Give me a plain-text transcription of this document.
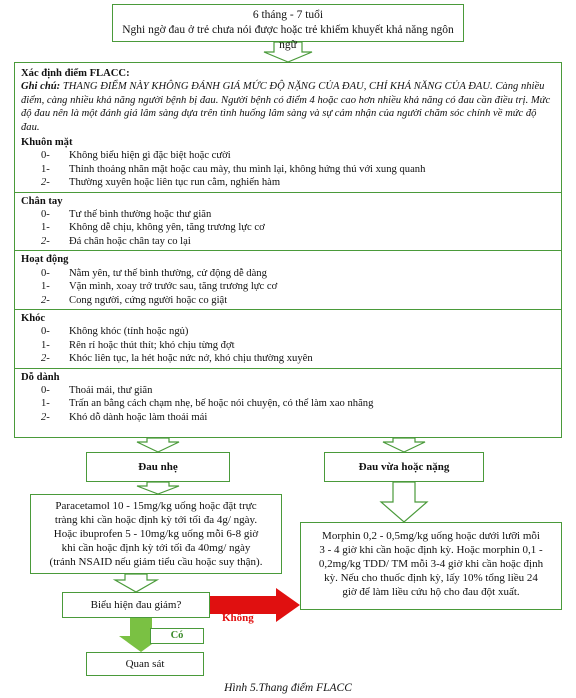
6 tháng - 7 tuổi
Nghi ngờ đau ở trẻ chưa nói được hoặc trẻ khiếm khuyết khả năng ngôn ngữ
Xác định điểm FLACC:
Ghi chú: THANG ĐIỂM NÀY KHÔNG ĐÁNH GIÁ MỨC ĐỘ NẶNG CỦA ĐAU, CHỈ KHẢ NĂNG CỦA ĐAU. Càng nhiều điểm, càng nhiều khả năng người bệnh bị đau. Người bệnh có điểm 4 hoặc cao hơn nhiều khả năng có đau cần điều trị. Mức độ đau nên là một đánh giá lâm sàng dựa trên tình huống lâm sàng và sự cảm nhận của người chăm sóc chính về mức độ đau.
Khuôn mặt
0-	Không biểu hiện gì đặc biệt hoặc cười
1-	Thỉnh thoảng nhăn mặt hoặc cau mày, thu mình lại, không hứng thú với xung quanh
2-	Thường xuyên hoặc liên tục run cằm, nghiến hàm
Chân tay
0-	Tư thế bình thường hoặc thư giãn
1-	Không dễ chịu, không yên, tăng trương lực cơ
2-	Đá chân hoặc chân tay co lại
Hoạt động
0-	Nằm yên, tư thế bình thường, cử động dễ dàng
1-	Vặn mình, xoay trở trước sau, tăng trương lực cơ
2-	Cong người, cứng người hoặc co giật
Khóc
0-	Không khóc (tỉnh hoặc ngủ)
1-	Rên rỉ hoặc thút thít; khó chịu từng đợt
2-	Khóc liên tục, la hét hoặc nức nở, khó chịu thường xuyên
Dỗ dành
0-	Thoải mái, thư giãn
1-	Trấn an bằng cách chạm nhẹ, bế hoặc nói chuyện, có thể làm xao nhãng
2-	Khó dỗ dành hoặc làm thoải mái
Đau nhẹ	Đau vừa hoặc nặng
Paracetamol 10 - 15mg/kg uống hoặc đặt trực
tràng khi cần hoặc định kỳ tới tối đa 4g/ ngày.
Hoặc ibuprofen 5 - 10mg/kg uống mỗi 6-8 giờ
khi cần hoặc định kỳ tới tối đa 40mg/ ngày
(tránh NSAID nếu giảm tiểu cầu hoặc suy thận).
Morphin 0,2 - 0,5mg/kg uống hoặc dưới lưỡi mỗi
3 - 4 giờ khi cần hoặc định kỳ. Hoặc morphin 0,1 -
0,2mg/kg TDD/ TM mỗi 3-4 giờ khi cần hoặc định
kỳ. Nếu cho thuốc định kỳ, lấy 10% tổng liều 24
giờ để làm liều cứu hộ cho đau đột xuất.
Biểu hiện đau giảm?
Có
Không
Quan sát
Hình 5.Thang điểm FLACC
